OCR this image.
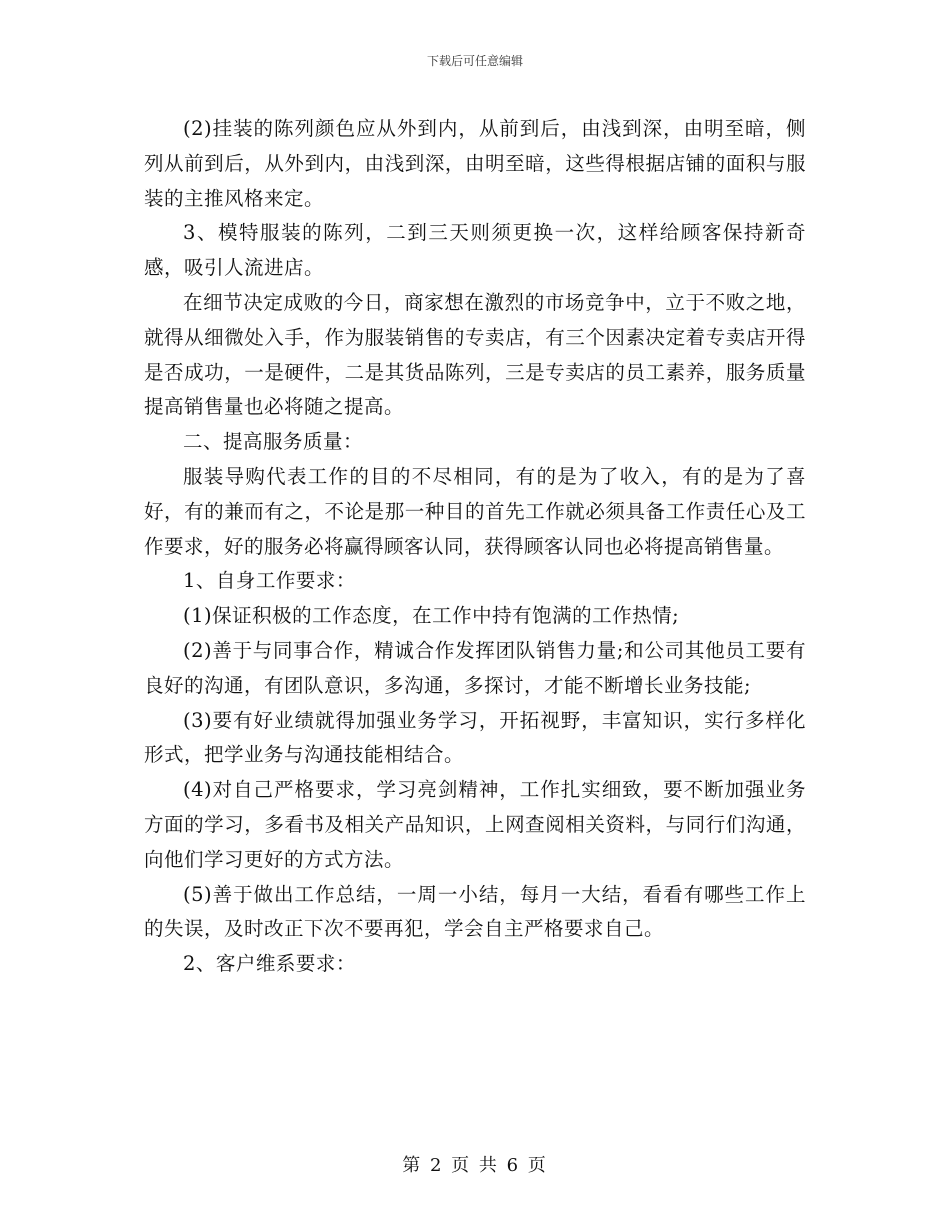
下载后可任意编辑

(2)挂装的陈列颜色应从外到内，从前到后，由浅到深，由明至暗，侧列从前到后，从外到内，由浅到深，由明至暗，这些得根据店铺的面积与服装的主推风格来定。

3、模特服装的陈列，二到三天则须更换一次，这样给顾客保持新奇感，吸引人流进店。

在细节决定成败的今日，商家想在激烈的市场竞争中，立于不败之地，就得从细微处入手，作为服装销售的专卖店，有三个因素决定着专卖店开得是否成功，一是硬件，二是其货品陈列，三是专卖店的员工素养，服务质量提高销售量也必将随之提高。

二、提高服务质量：

服装导购代表工作的目的不尽相同，有的是为了收入，有的是为了喜好，有的兼而有之，不论是那一种目的首先工作就必须具备工作责任心及工作要求，好的服务必将赢得顾客认同，获得顾客认同也必将提高销售量。

1、自身工作要求：

(1)保证积极的工作态度，在工作中持有饱满的工作热情;

(2)善于与同事合作，精诚合作发挥团队销售力量;和公司其他员工要有良好的沟通，有团队意识，多沟通，多探讨，才能不断增长业务技能;

(3)要有好业绩就得加强业务学习，开拓视野，丰富知识，实行多样化形式，把学业务与沟通技能相结合。

(4)对自己严格要求，学习亮剑精神，工作扎实细致，要不断加强业务方面的学习，多看书及相关产品知识，上网查阅相关资料，与同行们沟通，向他们学习更好的方式方法。

(5)善于做出工作总结，一周一小结，每月一大结，看看有哪些工作上的失误，及时改正下次不要再犯，学会自主严格要求自己。

2、客户维系要求：

第 2 页 共 6 页
